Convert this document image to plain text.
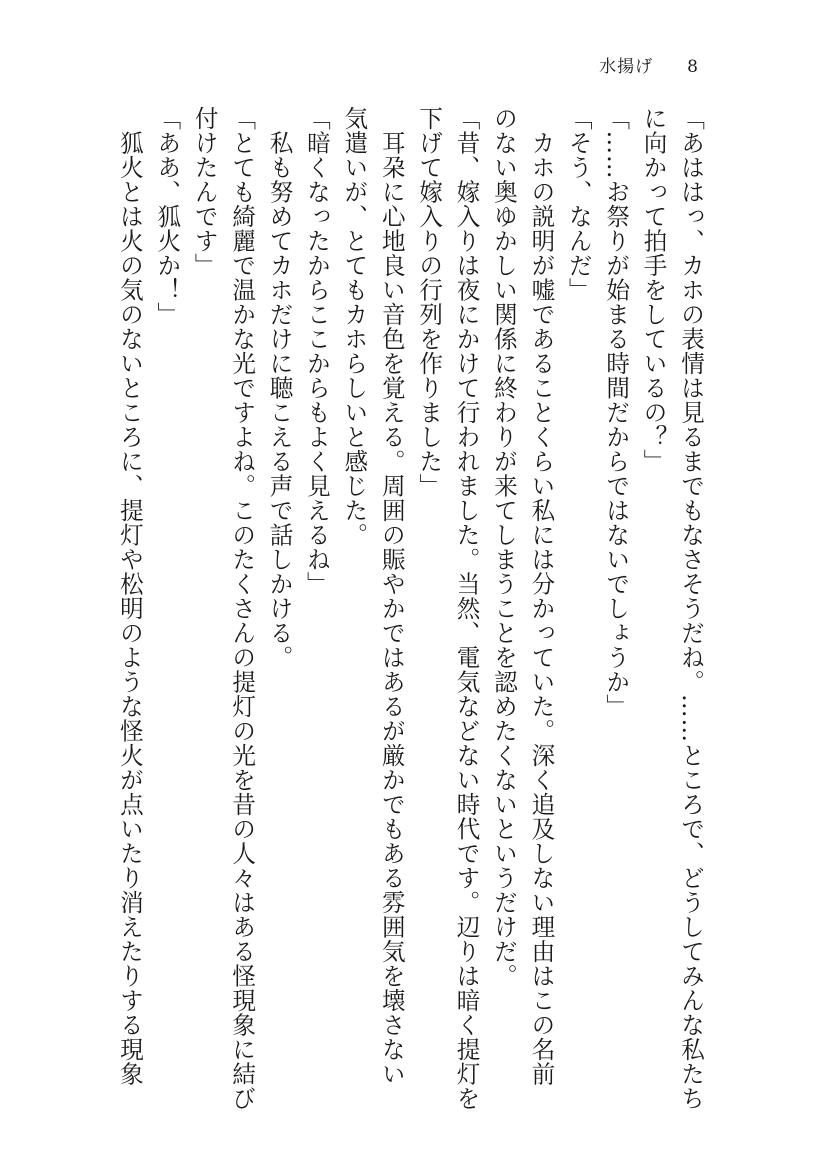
水揚げ 8

「あははっ、カホの表情は見るまでもなさそうだね。……ところで、どうしてみんな私たち

に向かって拍手をしているの？」

「……お祭りが始まる時間だからではないでしょうか」

「そう、なんだ」

カホの説明が嘘であることくらい私には分かっていた。深く追及しない理由はこの名前

のない奥ゆかしい関係に終わりが来てしまうことを認めたくないというだけだ。

「昔、嫁入りは夜にかけて行われました。当然、電気などない時代です。辺りは暗く提灯を

下げて嫁入りの行列を作りました」

耳朶に心地良い音色を覚える。周囲の賑やかではあるが厳かでもある雰囲気を壊さない

気遣いが、とてもカホらしいと感じた。

「暗くなったからここからもよく見えるね」

私も努めてカホだけに聴こえる声で話しかける。

「とても綺麗で温かな光ですよね。このたくさんの提灯の光を昔の人々はある怪現象に結び

付けたんです」

「ああ、狐火か！」

狐火とは火の気のないところに、提灯や松明のような怪火が点いたり消えたりする現象
